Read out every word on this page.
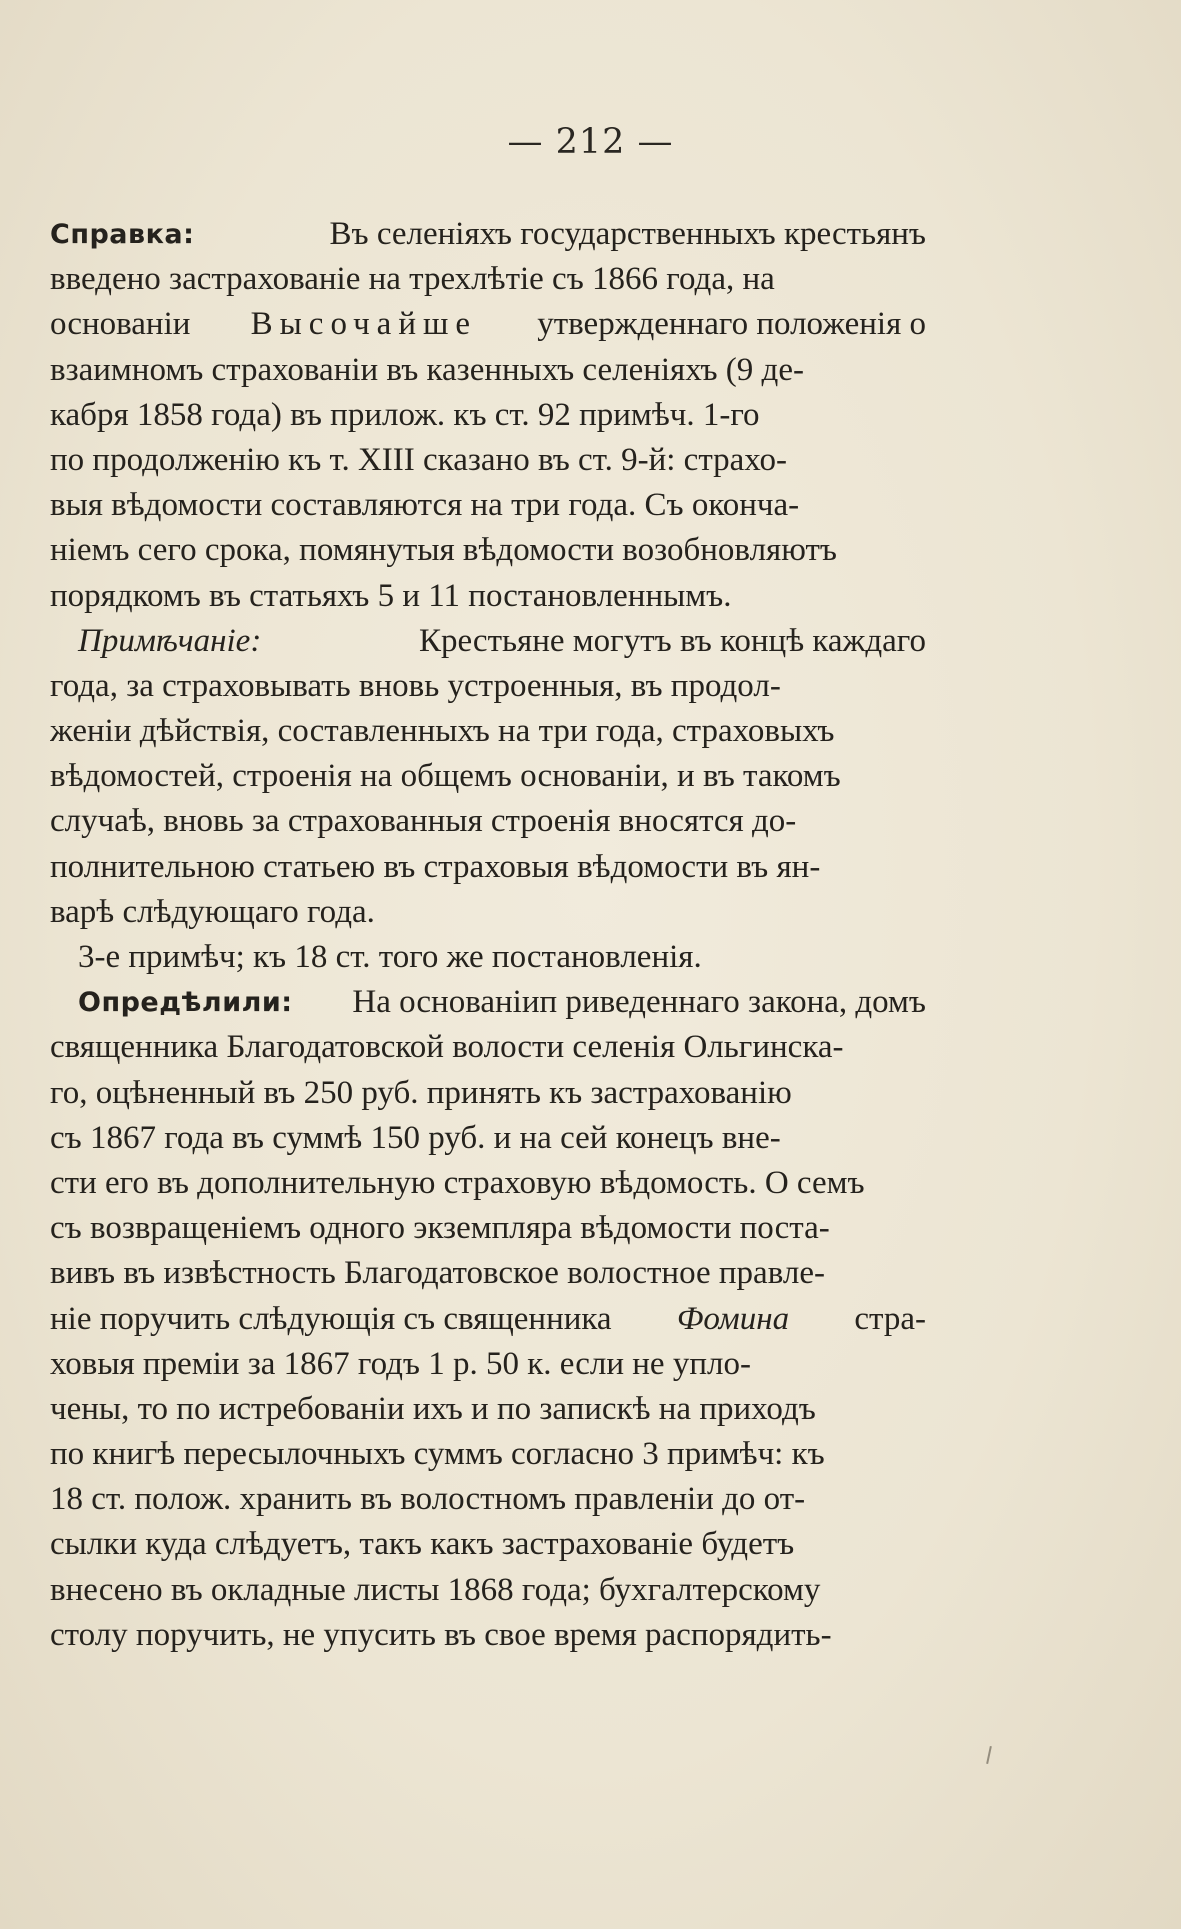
— 212 —
Справка:	Въ селеніяхъ государственныхъ крестьянъ
введено застрахованіе на трехлѣтіе съ 1866 года, на
основаніи Высочайше утвержденнаго положенія о
взаимномъ страхованіи въ казенныхъ селеніяхъ (9 де-
кабря 1858 года) въ прилож. къ ст. 92 примѣч. 1-го
по продолженію къ т. XIII сказано въ ст. 9-й: страхо-
выя вѣдомости составляются на три года. Съ оконча-
ніемъ сего срока, помянутыя вѣдомости возобновляютъ
порядкомъ въ статьяхъ 5 и 11 постановленнымъ.
Примѣчаніе:	Крестьяне могутъ въ концѣ каждаго
года, за страховывать вновь устроенныя, въ продол-
женіи дѣйствія, составленныхъ на три года, страховыхъ
вѣдомостей, строенія на общемъ основаніи, и въ такомъ
случаѣ, вновь за страхованныя строенія вносятся до-
полнительною статьею въ страховыя вѣдомости въ ян-
варѣ слѣдующаго года.
3-е примѣч; къ 18 ст. того же постановленія.
Опредѣлили: На основаніип риведеннаго закона, домъ
священника Благодатовской волости селенія Ольгинска-
го, оцѣненный въ 250 руб. принять къ застрахованію
съ 1867 года въ суммѣ 150 руб. и на сей конецъ вне-
сти его въ дополнительную страховую вѣдомость. О семъ
съ возвращеніемъ одного экземпляра вѣдомости поста-
вивъ въ извѣстность Благодатовское волостное правле-
ніе поручить слѣдующія съ священника Фомина стра-
ховыя преміи за 1867 годъ 1 р. 50 к. если не упло-
чены, то по истребованіи ихъ и по запискѣ на приходъ
по книгѣ пересылочныхъ суммъ согласно 3 примѣч: къ
18 ст. полож. хранить въ волостномъ правленіи до от-
сылки куда слѣдуетъ, такъ какъ застрахованіе будетъ
внесено въ окладные листы 1868 года; бухгалтерскому
столу поручить, не упусить въ свое время распорядить-
